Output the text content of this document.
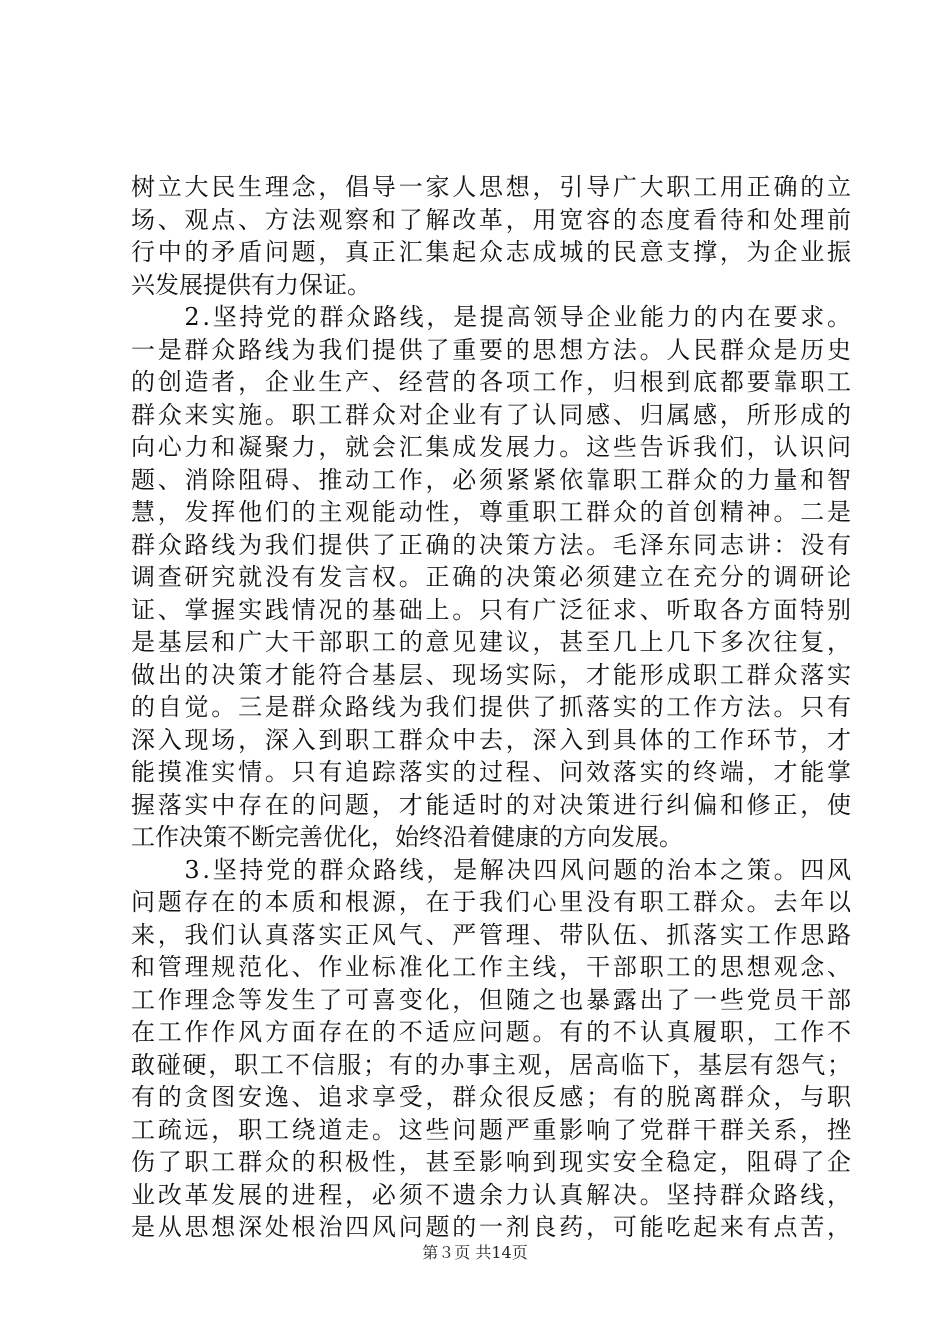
树立大民生理念，倡导一家人思想，引导广大职工用正确的立
场、观点、方法观察和了解改革，用宽容的态度看待和处理前
行中的矛盾问题，真正汇集起众志成城的民意支撑，为企业振
兴发展提供有力保证。
　　2.坚持党的群众路线，是提高领导企业能力的内在要求。
一是群众路线为我们提供了重要的思想方法。人民群众是历史
的创造者，企业生产、经营的各项工作，归根到底都要靠职工
群众来实施。职工群众对企业有了认同感、归属感，所形成的
向心力和凝聚力，就会汇集成发展力。这些告诉我们，认识问
题、消除阻碍、推动工作，必须紧紧依靠职工群众的力量和智
慧，发挥他们的主观能动性，尊重职工群众的首创精神。二是
群众路线为我们提供了正确的决策方法。毛泽东同志讲：没有
调查研究就没有发言权。正确的决策必须建立在充分的调研论
证、掌握实践情况的基础上。只有广泛征求、听取各方面特别
是基层和广大干部职工的意见建议，甚至几上几下多次往复，
做出的决策才能符合基层、现场实际，才能形成职工群众落实
的自觉。三是群众路线为我们提供了抓落实的工作方法。只有
深入现场，深入到职工群众中去，深入到具体的工作环节，才
能摸准实情。只有追踪落实的过程、问效落实的终端，才能掌
握落实中存在的问题，才能适时的对决策进行纠偏和修正，使
工作决策不断完善优化，始终沿着健康的方向发展。
　　3.坚持党的群众路线，是解决四风问题的治本之策。四风
问题存在的本质和根源，在于我们心里没有职工群众。去年以
来，我们认真落实正风气、严管理、带队伍、抓落实工作思路
和管理规范化、作业标准化工作主线，干部职工的思想观念、
工作理念等发生了可喜变化，但随之也暴露出了一些党员干部
在工作作风方面存在的不适应问题。有的不认真履职，工作不
敢碰硬，职工不信服；有的办事主观，居高临下，基层有怨气；
有的贪图安逸、追求享受，群众很反感；有的脱离群众，与职
工疏远，职工绕道走。这些问题严重影响了党群干群关系，挫
伤了职工群众的积极性，甚至影响到现实安全稳定，阻碍了企
业改革发展的进程，必须不遗余力认真解决。坚持群众路线，
是从思想深处根治四风问题的一剂良药，可能吃起来有点苦，
第３页 共14页
